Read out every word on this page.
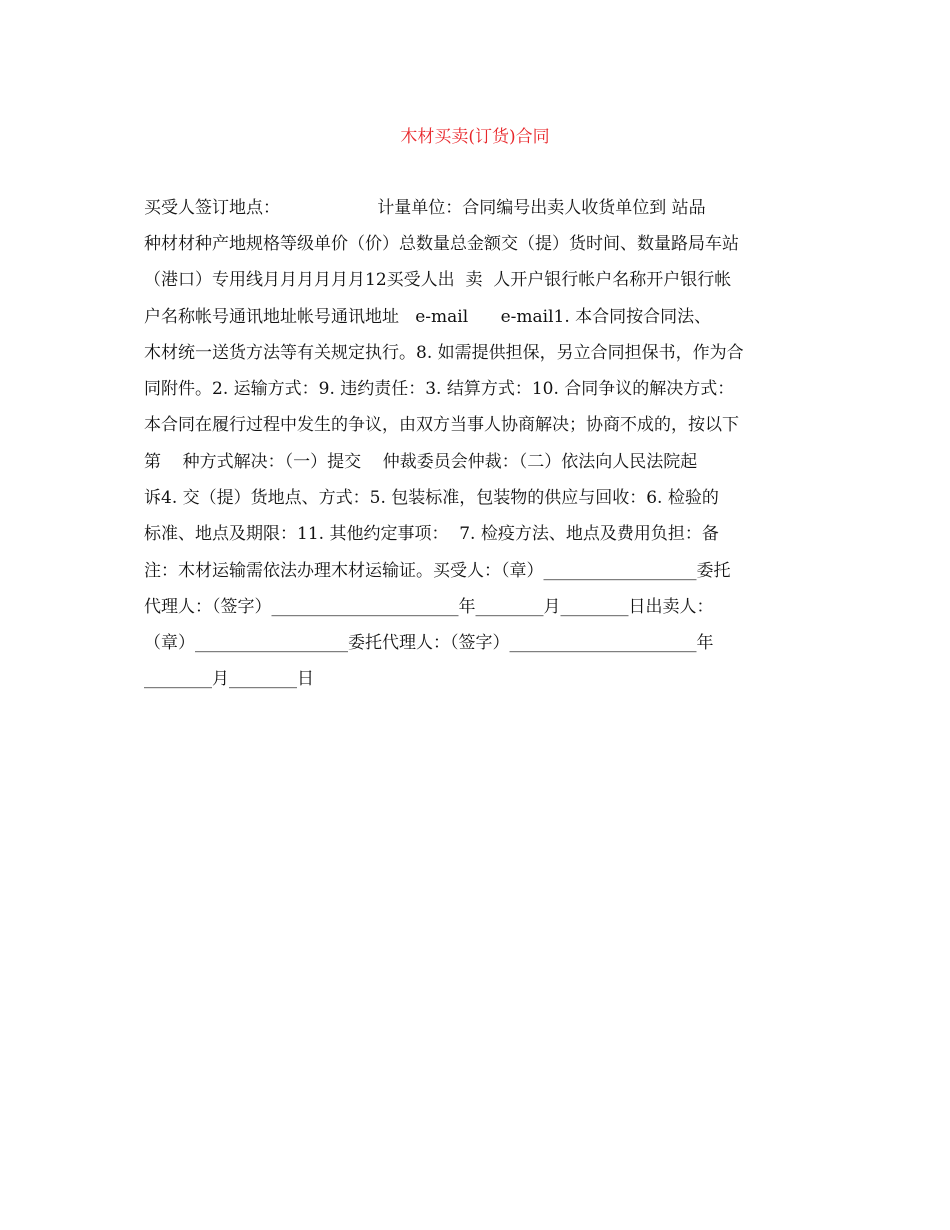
木材买卖(订货)合同
买受人签订地点：                  计量单位：合同编号出卖人收货单位到 站品
种材材种产地规格等级单价（价）总数量总金额交（提）货时间、数量路局车站
（港口）专用线月月月月月月12买受人出  卖  人开户银行帐户名称开户银行帐
户名称帐号通讯地址帐号通讯地址   e-mail      e-mail1. 本合同按合同法、
木材统一送货方法等有关规定执行。8. 如需提供担保，另立合同担保书，作为合
同附件。2. 运输方式：9. 违约责任：3. 结算方式：10. 合同争议的解决方式：
本合同在履行过程中发生的争议，由双方当事人协商解决；协商不成的，按以下
第    种方式解决：（一）提交    仲裁委员会仲裁：（二）依法向人民法院起
诉4. 交（提）货地点、方式：5. 包装标准，包装物的供应与回收：6. 检验的
标准、地点及期限：11. 其他约定事项：  7. 检疫方法、地点及费用负担：备
注：木材运输需依法办理木材运输证。买受人：（章）__________________委托
代理人：（签字）______________________年________月________日出卖人：
（章）__________________委托代理人：（签字）______________________年
________月________日
